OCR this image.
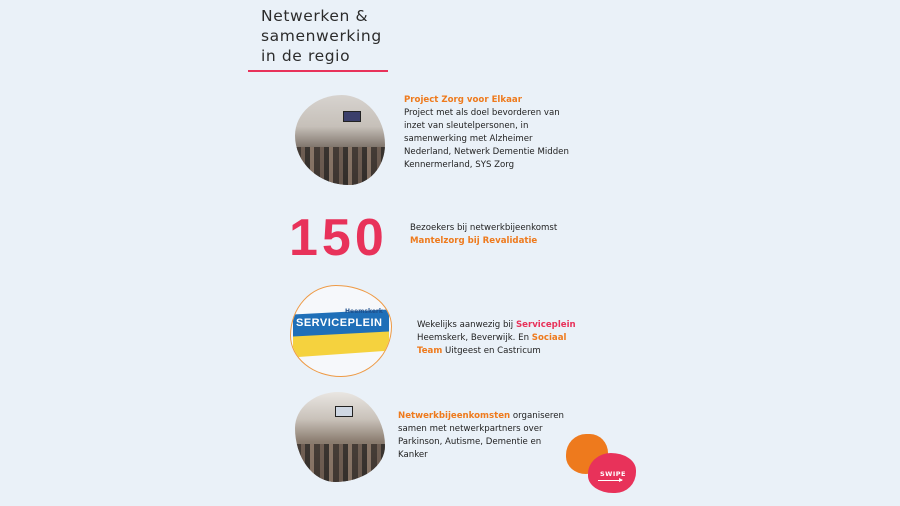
Netwerken &
samenwerking
in de regio
Project Zorg voor Elkaar
Project met als doel bevorderen van inzet van sleutelpersonen, in samenwerking met Alzheimer Nederland, Netwerk Dementie Midden Kennermerland, SYS Zorg
150	Bezoekers bij netwerkbijeenkomst
Mantelzorg bij Revalidatie
Heemskerk
SERVICEPLEIN	Wekelijks aanwezig bij Serviceplein Heemskerk, Beverwijk. En Sociaal Team Uitgeest en Castricum
Netwerkbijeenkomsten organiseren samen met netwerkpartners over Parkinson, Autisme, Dementie en Kanker
SWIPE
